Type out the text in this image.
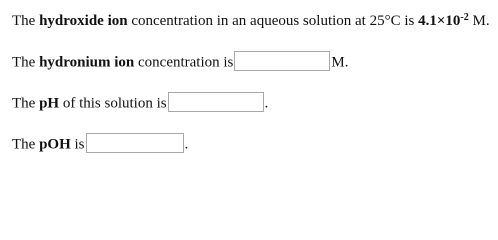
The hydroxide ion concentration in an aqueous solution at 25°C is $4.1\times 10^{-2}$ M.
The hydronium ion concentration is	M.
The pH of this solution is	.
The pOH is	.
